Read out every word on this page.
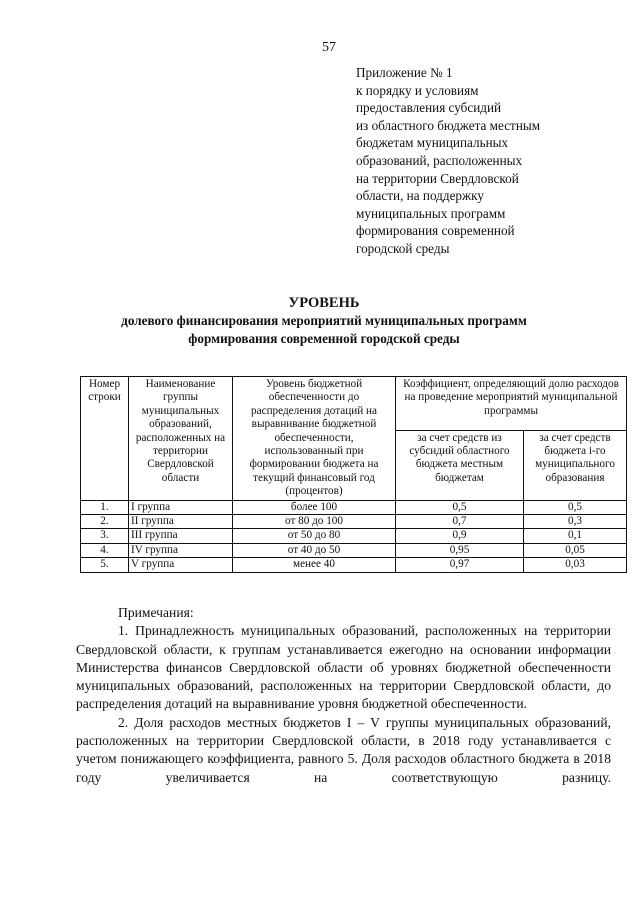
57
Приложение № 1
к порядку и условиям
предоставления субсидий
из областного бюджета местным
бюджетам муниципальных
образований, расположенных
на территории Свердловской
области, на поддержку
муниципальных программ
формирования современной
городской среды
УРОВЕНЬ
долевого финансирования мероприятий муниципальных программ
формирования современной городской среды
Номер строки	Наименование группы муниципальных образований, расположенных на территории Свердловской области	Уровень бюджетной обеспеченности до распределения дотаций на выравнивание бюджетной обеспеченности, использованный при формировании бюджета на текущий финансовый год (процентов)	Коэффициент, определяющий долю расходов на проведение мероприятий муниципальной программы	
			за счет средств из субсидий областного бюджета местным бюджетам	за счет средств бюджета i-го муниципального образования
1.	I группа	более 100	0,5	0,5
2.	II группа	от 80 до 100	0,7	0,3
3.	III группа	от 50 до 80	0,9	0,1
4.	IV группа	от 40 до 50	0,95	0,05
5.	V группа	менее 40	0,97	0,03
Примечания:

1. Принадлежность муниципальных образований, расположенных на территории Свердловской области, к группам устанавливается ежегодно на основании информации Министерства финансов Свердловской области об уровнях бюджетной обеспеченности муниципальных образований, расположенных на территории Свердловской области, до распределения дотаций на выравнивание уровня бюджетной обеспеченности.

2. Доля расходов местных бюджетов I – V группы муниципальных образований, расположенных на территории Свердловской области, в 2018 году устанавливается с учетом понижающего коэффициента, равного 5. Доля расходов областного бюджета в 2018 году увеличивается на соответствующую разницу.
